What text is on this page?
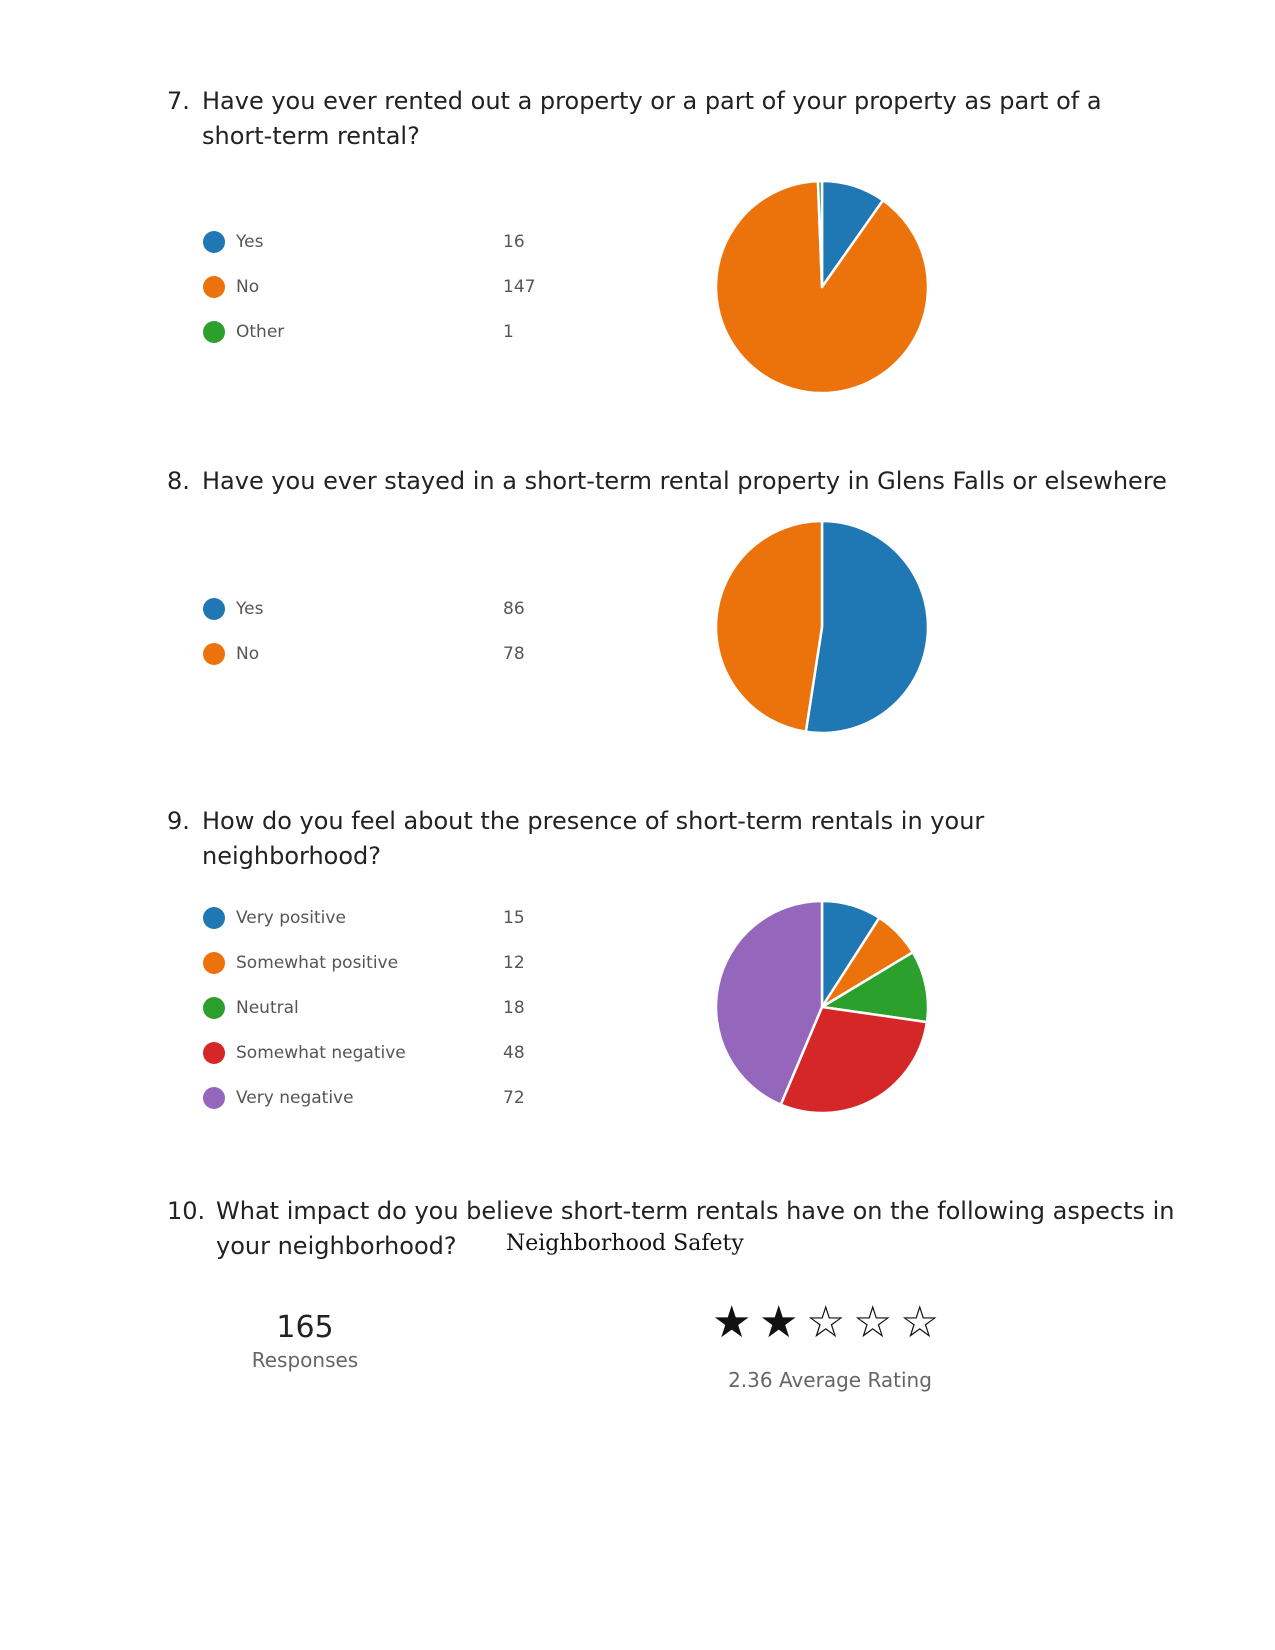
7. Have you ever rented out a property or a part of your property as part of a
short-term rental?
Yes	16
No	147
Other	1
8. Have you ever stayed in a short-term rental property in Glens Falls or elsewhere
Yes	86
No	78
9. How do you feel about the presence of short-term rentals in your
neighborhood?
Very positive	15
Somewhat positive	12
Neutral	18
Somewhat negative	48
Very negative	72
10. What impact do you believe short-term rentals have on the following aspects in
your neighborhood? Neighborhood Safety
165
Responses
★ ★ ☆ ☆ ☆
2.36 Average Rating
